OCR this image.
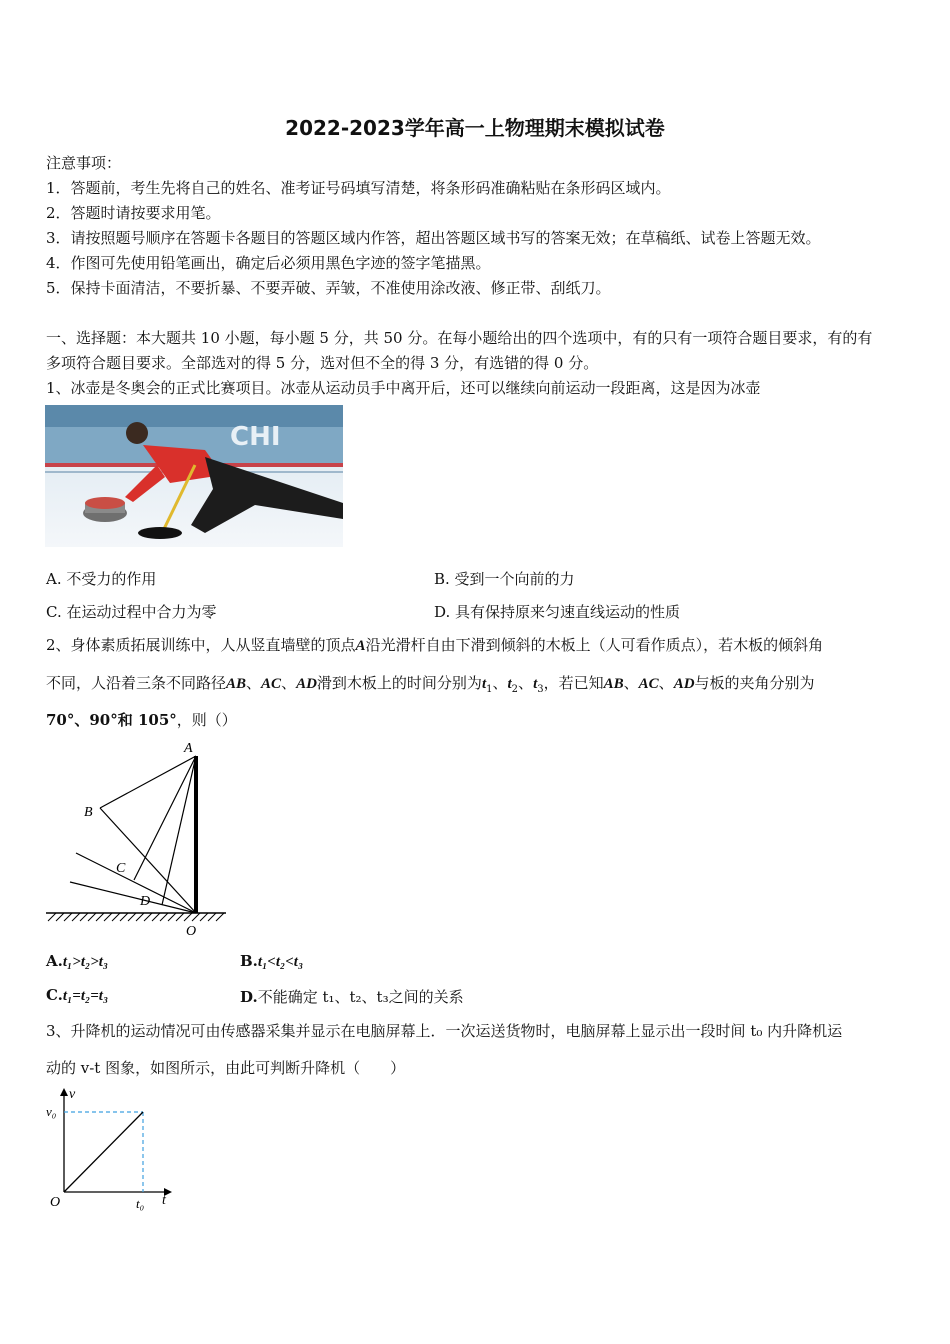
2022-2023学年高一上物理期末模拟试卷
注意事项：
1．答题前，考生先将自己的姓名、准考证号码填写清楚，将条形码准确粘贴在条形码区域内。
2．答题时请按要求用笔。
3．请按照题号顺序在答题卡各题目的答题区域内作答，超出答题区域书写的答案无效；在草稿纸、试卷上答题无效。
4．作图可先使用铅笔画出，确定后必须用黑色字迹的签字笔描黑。
5．保持卡面清洁，不要折暴、不要弄破、弄皱，不准使用涂改液、修正带、刮纸刀。
一、选择题：本大题共 10 小题，每小题 5 分，共 50 分。在每小题给出的四个选项中，有的只有一项符合题目要求，有的有
多项符合题目要求。全部选对的得 5 分，选对但不全的得 3 分，有选错的得 0 分。
1、冰壶是冬奥会的正式比赛项目。冰壶从运动员手中离开后，还可以继续向前运动一段距离，这是因为冰壶
CHI
A. 不受力的作用	B. 受到一个向前的力
C. 在运动过程中合力为零	D. 具有保持原来匀速直线运动的性质
2、身体素质拓展训练中，人从竖直墙壁的顶点A沿光滑杆自由下滑到倾斜的木板上（人可看作质点），若木板的倾斜角
不同，人沿着三条不同路径AB、AC、AD滑到木板上的时间分别为$t_1$、$t_2$、$t_3$，若已知AB、AC、AD与板的夹角分别为
70°、90°和 105°，则（）
A
B
C
D
O
A.t₁>t₂>t₃	B.t₁<t₂<t₃
C.t₁=t₂=t₃	D.不能确定 t₁、t₂、t₃之间的关系
3、升降机的运动情况可由传感器采集并显示在电脑屏幕上．一次运送货物时，电脑屏幕上显示出一段时间 t₀ 内升降机运
动的 v-t 图象，如图所示，由此可判断升降机（　　）
v
v₀
O	t₀ t
